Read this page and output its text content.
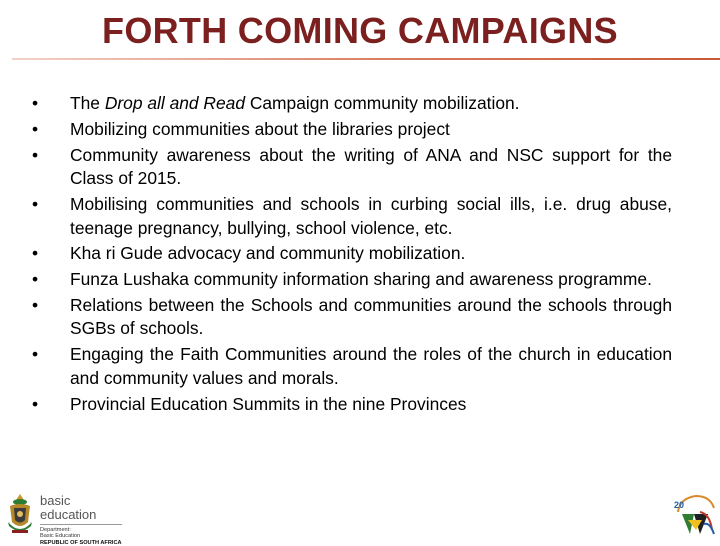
FORTH COMING CAMPAIGNS
• The Drop all and Read Campaign community mobilization.
• Mobilizing communities about the libraries project
• Community awareness about the writing of ANA and NSC support for the Class of 2015.
• Mobilising communities and schools in curbing social ills, i.e. drug abuse, teenage pregnancy, bullying, school violence, etc.
• Kha ri Gude advocacy and community mobilization.
• Funza Lushaka community information sharing and awareness programme.
• Relations between the Schools and communities around the schools through SGBs of schools.
• Engaging the Faith Communities around the roles of the church in education and community values and morals.
• Provincial Education Summits in the nine Provinces
basic education
Department:
Basic Education
REPUBLIC OF SOUTH AFRICA
20
